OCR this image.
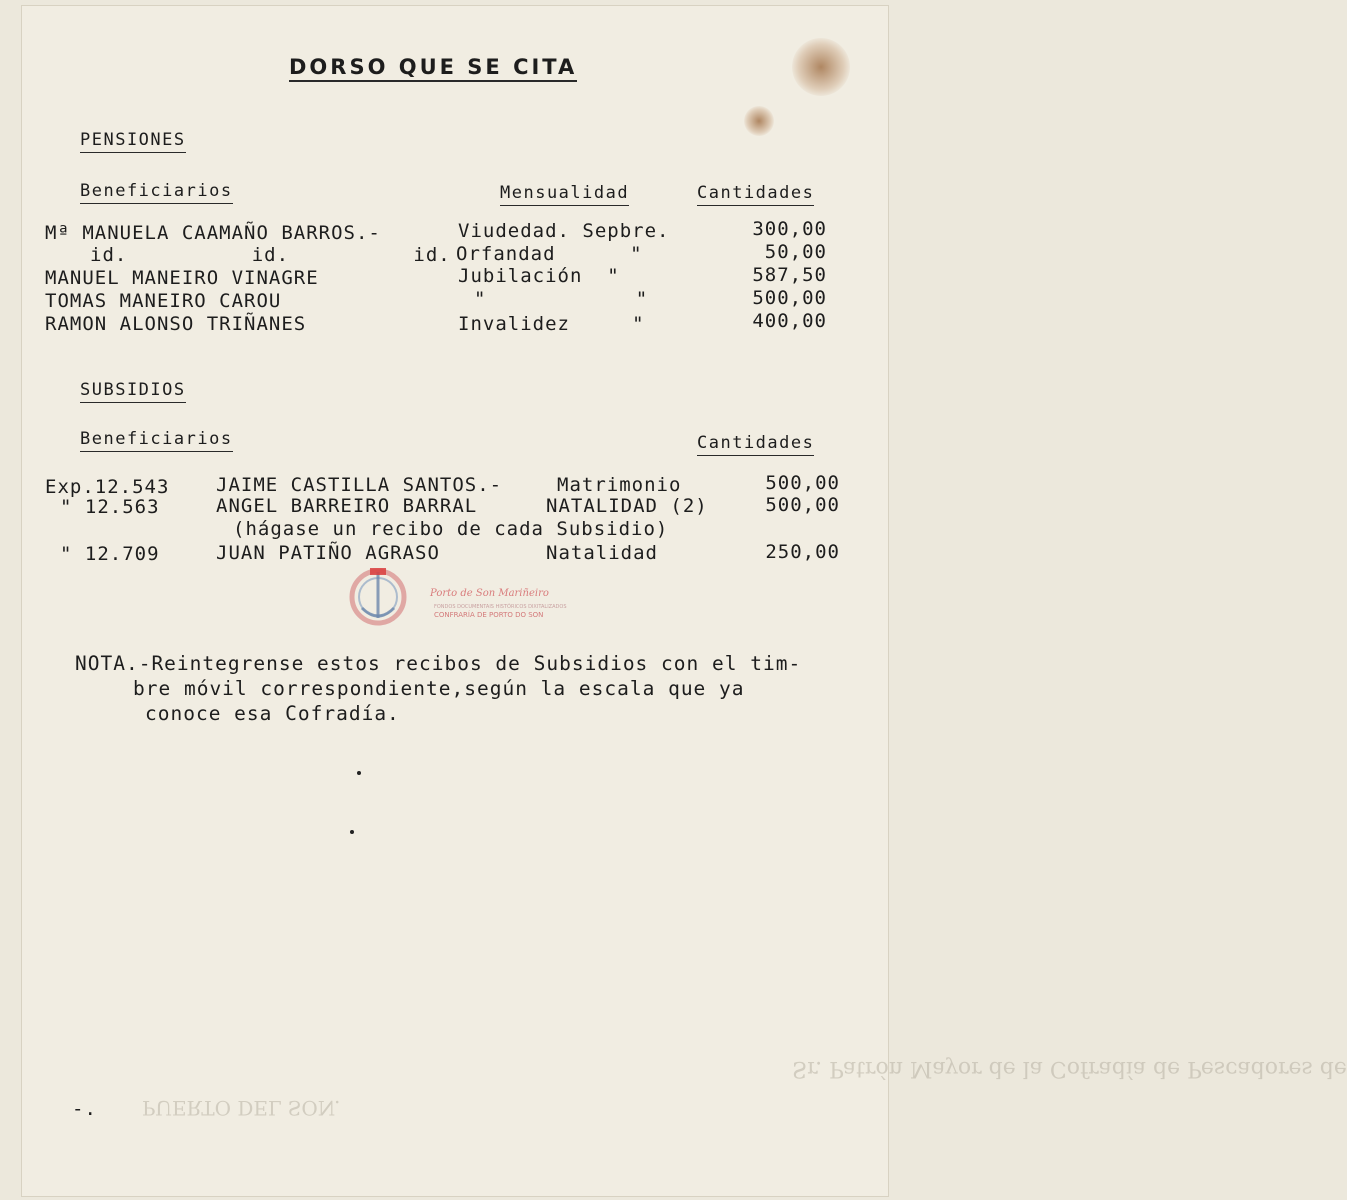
Sr. Patrón Mayor de la Cofradía de Pescadores de
PUERTO DEL SON.
DORSO QUE SE CITA
PENSIONES
Beneficiarios	Mensualidad	Cantidades
Mª MANUELA CAAMAÑO BARROS.-	Viudedad. Sepbre.	300,00
id.          id.          id. Orfandad      "	50,00
MANUEL MANEIRO VINAGRE	Jubilación  "	587,50
TOMAS MANEIRO CAROU	"            "	500,00
RAMON ALONSO TRIÑANES	Invalidez     "	400,00
SUBSIDIOS
Beneficiarios	Cantidades
Exp.12.543 JAIME CASTILLA SANTOS.-	Matrimonio	500,00
" 12.563	ANGEL BARREIRO BARRAL	NATALIDAD (2)	500,00
(hágase un recibo de cada Subsidio)
" 12.709	JUAN PATIÑO AGRASO	Natalidad	250,00
Porto de Son Mariñeiro
FONDOS DOCUMENTAIS HISTÓRICOS DIXITALIZADOS
CONFRARÍA DE PORTO DO SON
NOTA.-Reintegrense estos recibos de Subsidios con el tim-
bre móvil correspondiente,según la escala que ya
conoce esa Cofradía.
-.
